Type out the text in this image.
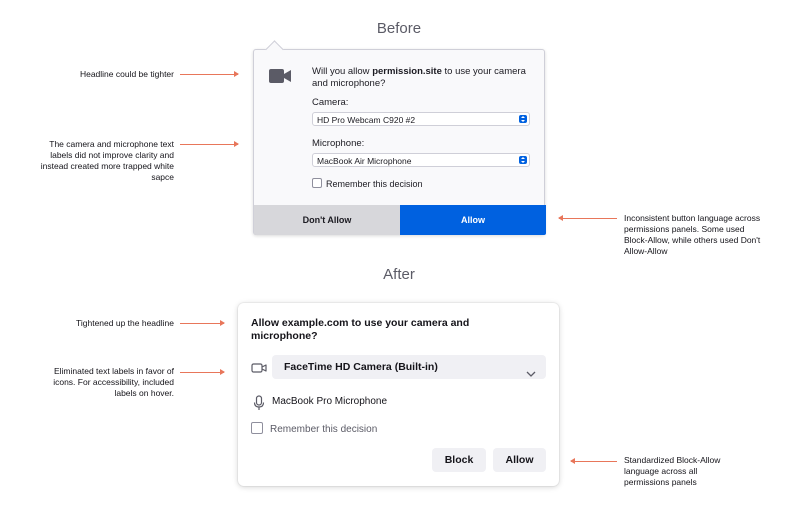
Before
After
Headline could be tighter
The camera and microphone text labels did not improve clarity and instead created more trapped white sapce
Inconsistent button language across permissions panels. Some used Block-Allow, while others used Don't Allow-Allow
Will you allow permission.site to use your camera and microphone?
Camera:
HD Pro Webcam C920 #2
Microphone:
MacBook Air Microphone
Remember this decision
Don't Allow	Allow
Tightened up the headline
Eliminated text labels in favor of icons. For accessibility, included labels on hover.
Standardized Block-Allow language across all permissions panels
Allow example.com to use your camera and microphone?
FaceTime HD Camera (Built-in)
MacBook Pro Microphone
Remember this decision
Block	Allow
